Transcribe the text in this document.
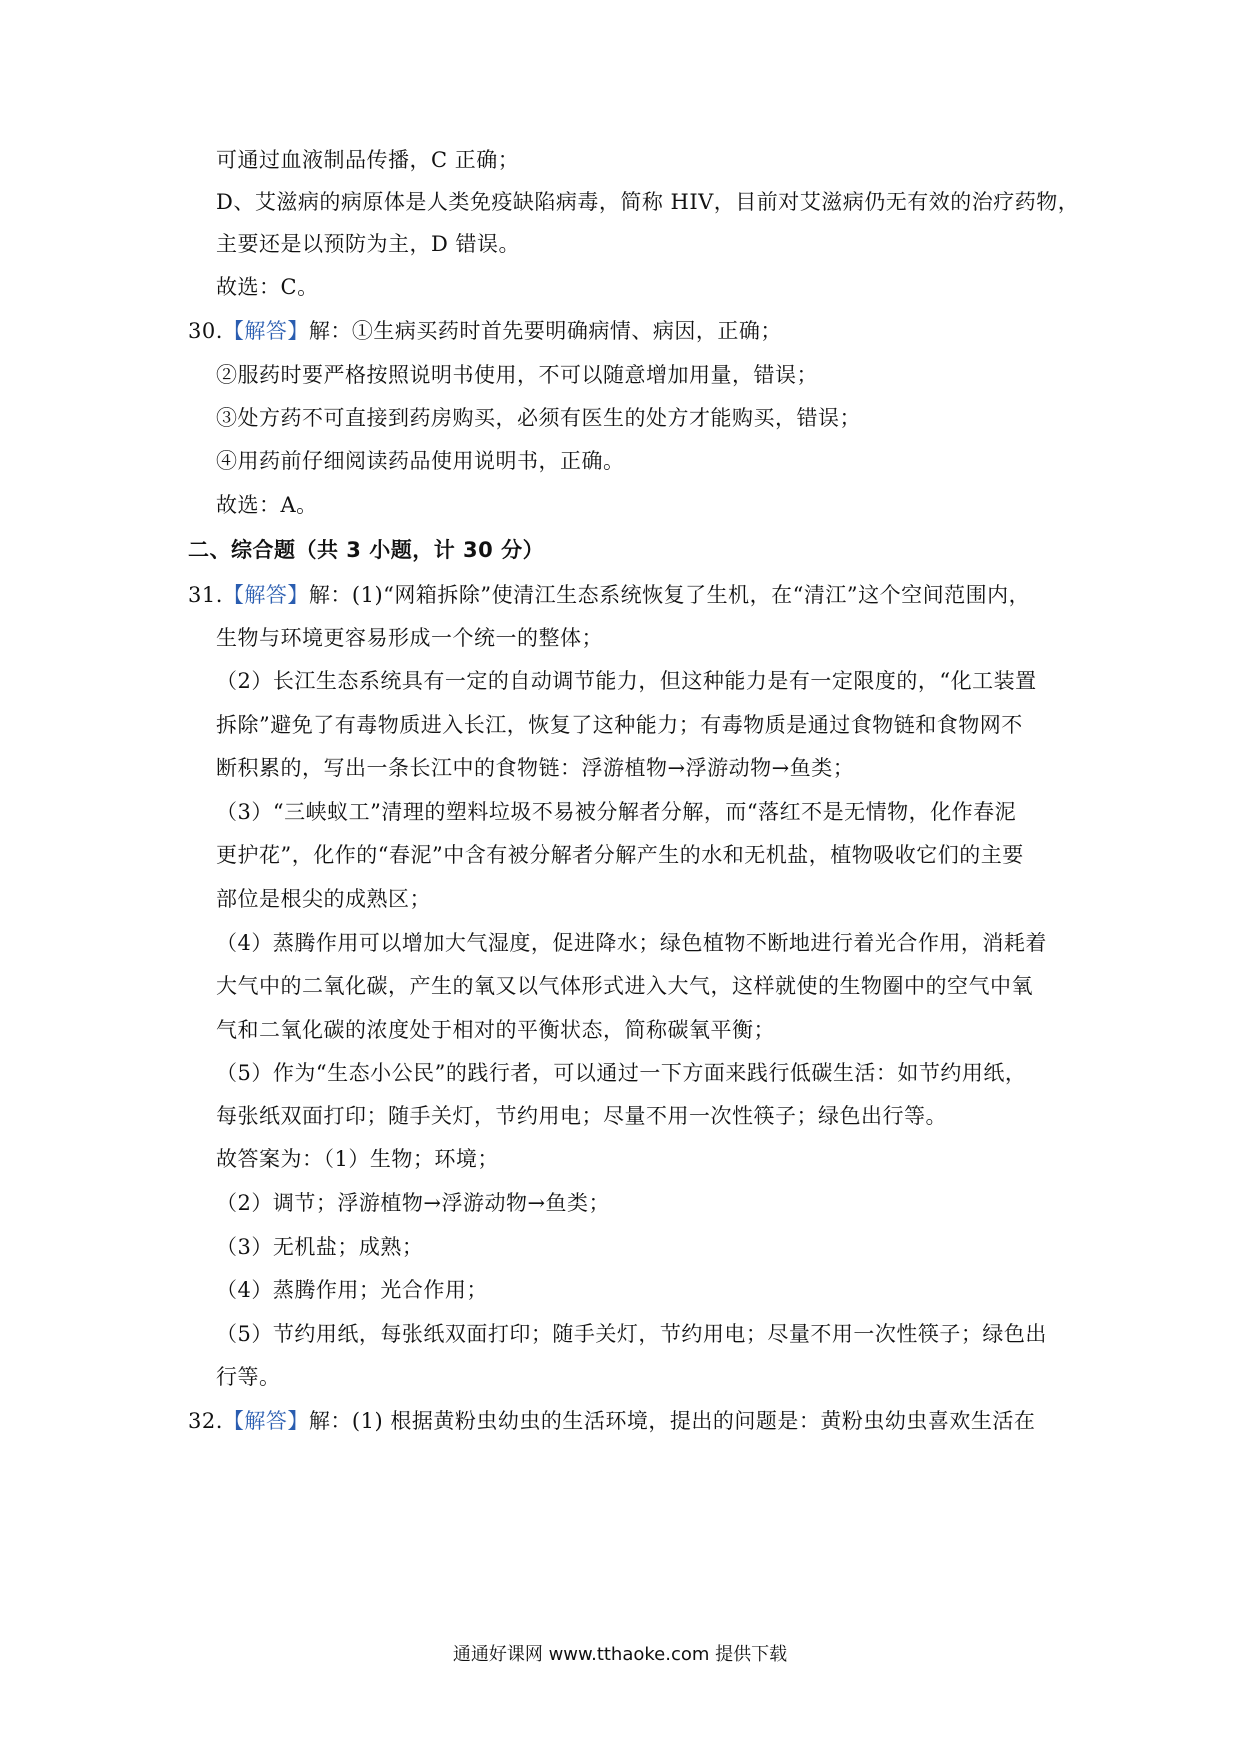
可通过血液制品传播，C 正确；
D、艾滋病的病原体是人类免疫缺陷病毒，简称 HIV，目前对艾滋病仍无有效的治疗药物，
主要还是以预防为主，D 错误。
故选：C。
30.【解答】解：①生病买药时首先要明确病情、病因，正确；
②服药时要严格按照说明书使用，不可以随意增加用量，错误；
③处方药不可直接到药房购买，必须有医生的处方才能购买，错误；
④用药前仔细阅读药品使用说明书，正确。
故选：A。
二、综合题（共 3 小题，计 30 分）
31.【解答】解：(1)“网箱拆除”使清江生态系统恢复了生机，在“清江”这个空间范围内，
生物与环境更容易形成一个统一的整体；
（2）长江生态系统具有一定的自动调节能力，但这种能力是有一定限度的，“化工装置
拆除”避免了有毒物质进入长江，恢复了这种能力；有毒物质是通过食物链和食物网不
断积累的，写出一条长江中的食物链：浮游植物→浮游动物→鱼类；
（3）“三峡蚁工”清理的塑料垃圾不易被分解者分解，而“落红不是无情物，化作春泥
更护花”，化作的“春泥”中含有被分解者分解产生的水和无机盐，植物吸收它们的主要
部位是根尖的成熟区；
（4）蒸腾作用可以增加大气湿度，促进降水；绿色植物不断地进行着光合作用，消耗着
大气中的二氧化碳，产生的氧又以气体形式进入大气，这样就使的生物圈中的空气中氧
气和二氧化碳的浓度处于相对的平衡状态，简称碳氧平衡；
（5）作为“生态小公民”的践行者，可以通过一下方面来践行低碳生活：如节约用纸，
每张纸双面打印；随手关灯，节约用电；尽量不用一次性筷子；绿色出行等。
故答案为：（1）生物；环境；
（2）调节；浮游植物→浮游动物→鱼类；
（3）无机盐；成熟；
（4）蒸腾作用；光合作用；
（5）节约用纸，每张纸双面打印；随手关灯，节约用电；尽量不用一次性筷子；绿色出
行等。
32.【解答】解：(1) 根据黄粉虫幼虫的生活环境，提出的问题是：黄粉虫幼虫喜欢生活在
通通好课网 www.tthaoke.com 提供下载
